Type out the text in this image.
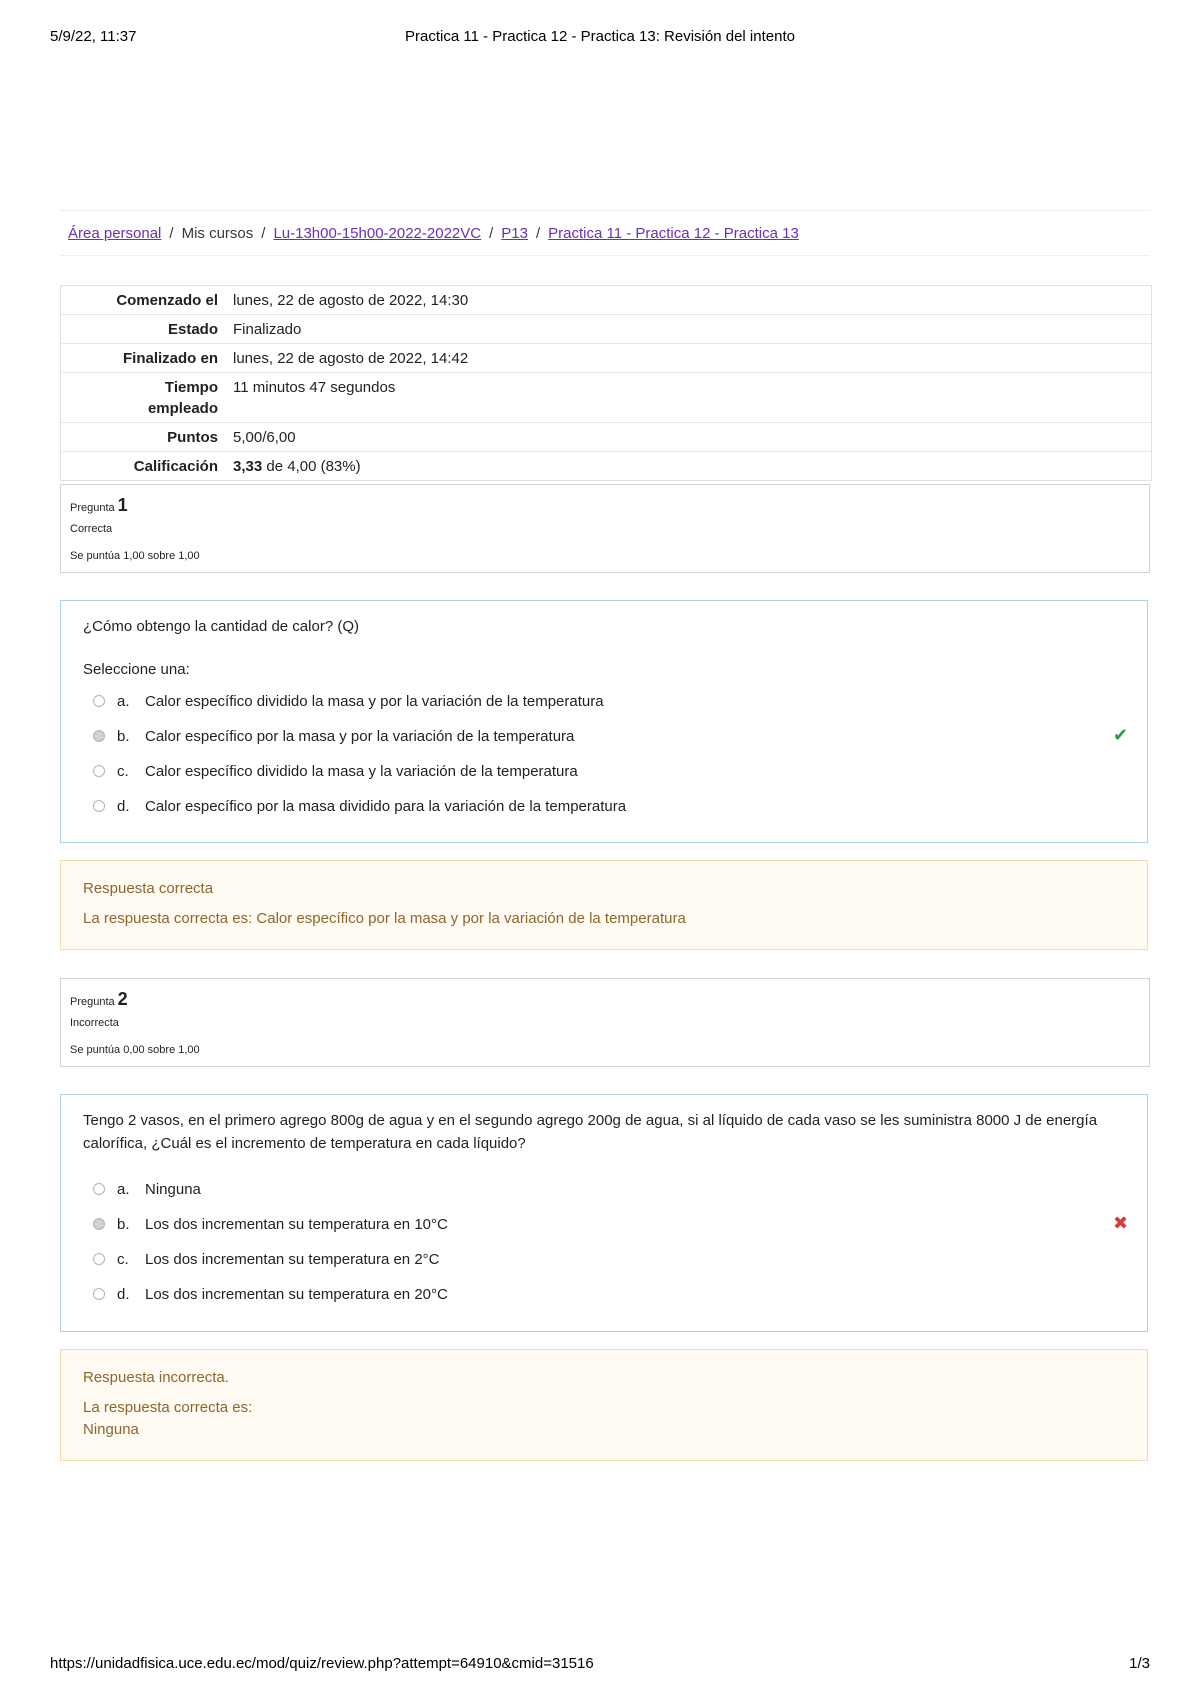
5/9/22, 11:37	Practica 11 - Practica 12 - Practica 13: Revisión del intento
Área personal / Mis cursos / Lu-13h00-15h00-2022-2022VC / P13 / Practica 11 - Practica 12 - Practica 13
Comenzado el	lunes, 22 de agosto de 2022, 14:30
Estado	Finalizado
Finalizado en	lunes, 22 de agosto de 2022, 14:42
Tiempo
empleado	11 minutos 47 segundos
Puntos	5,00/6,00
Calificación	3,33 de 4,00 (83%)
Pregunta 1
Correcta
Se puntúa 1,00 sobre 1,00
¿Cómo obtengo la cantidad de calor? (Q)
Seleccione una:
a.	Calor específico dividido la masa y por la variación de la temperatura
b.	Calor específico por la masa y por la variación de la temperatura	✔
c.	Calor específico dividido la masa y la variación de la temperatura
d.	Calor específico por la masa dividido para la variación de la temperatura
Respuesta correcta
La respuesta correcta es: Calor específico por la masa y por la variación de la temperatura
Pregunta 2
Incorrecta
Se puntúa 0,00 sobre 1,00
Tengo 2 vasos, en el primero agrego 800g de agua y en el segundo agrego 200g de agua, si al líquido de cada vaso se les suministra 8000 J de energía
calorífica, ¿Cuál es el incremento de temperatura en cada líquido?
a.	Ninguna
b.	Los dos incrementan su temperatura en 10°C	✖
c.	Los dos incrementan su temperatura en 2°C
d.	Los dos incrementan su temperatura en 20°C
Respuesta incorrecta.
La respuesta correcta es:
Ninguna
https://unidadfisica.uce.edu.ec/mod/quiz/review.php?attempt=64910&cmid=31516	1/3
